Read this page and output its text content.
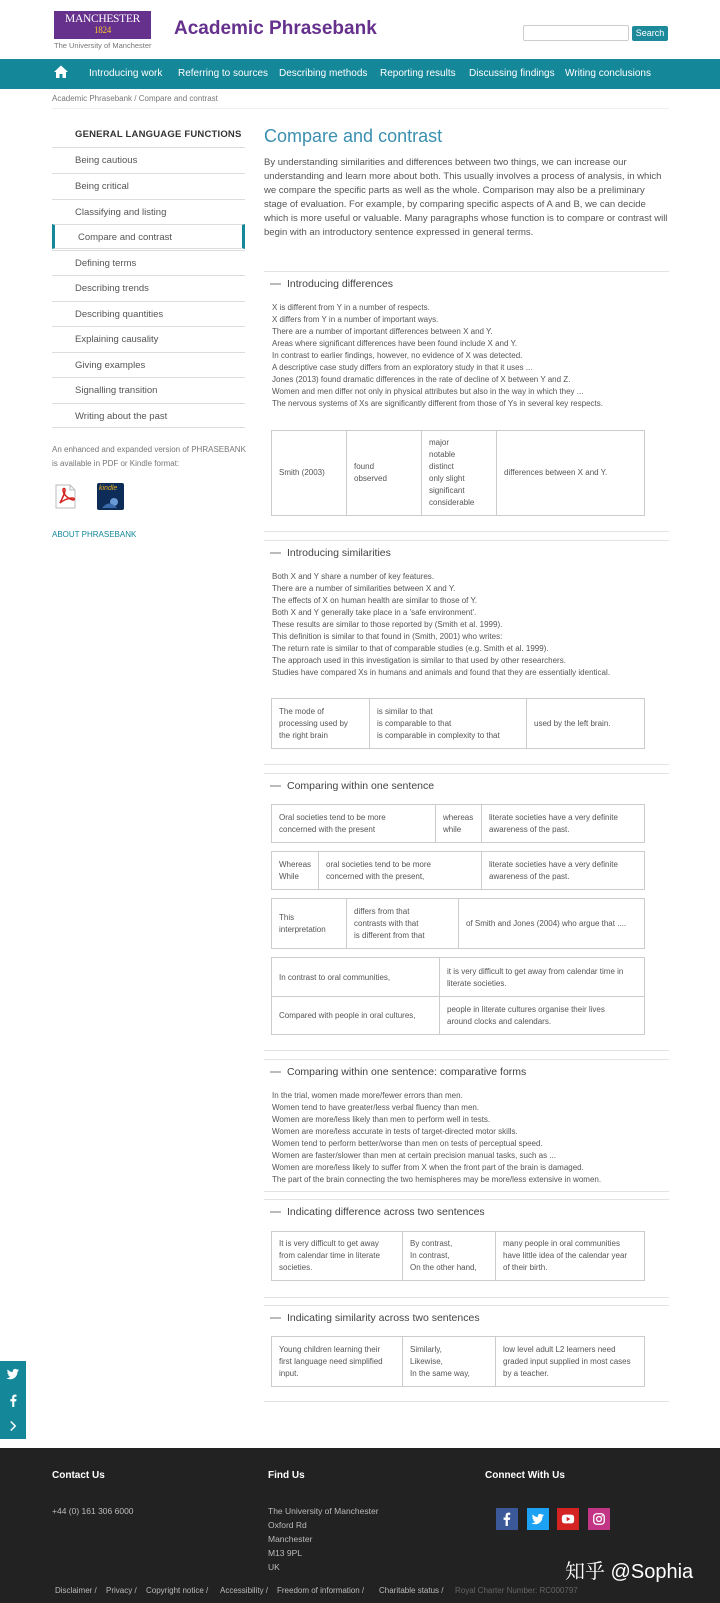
MANCHESTER
1824
The University of Manchester
Academic Phrasebank	Search
Introducing work Referring to sources Describing methods Reporting results Discussing findings Writing conclusions
Academic Phrasebank / Compare and contrast
GENERAL LANGUAGE FUNCTIONS
Being cautious
Being critical
Classifying and listing
Compare and contrast
Defining terms
Describing trends
Describing quantities
Explaining causality
Giving examples
Signalling transition
Writing about the past
An enhanced and expanded version of PHRASEBANK is available in PDF or Kindle format:
kindle
ABOUT PHRASEBANK
Compare and contrast
By understanding similarities and differences between two things, we can increase our understanding and learn more about both. This usually involves a process of analysis, in which we compare the specific parts as well as the whole. Comparison may also be a preliminary stage of evaluation. For example, by comparing specific aspects of A and B, we can decide which is more useful or valuable. Many paragraphs whose function is to compare or contrast will begin with an introductory sentence expressed in general terms.
Introducing differences
X is different from Y in a number of respects.
X differs from Y in a number of important ways.
There are a number of important differences between X and Y.
Areas where significant differences have been found include X and Y.
In contrast to earlier findings, however, no evidence of X was detected.
A descriptive case study differs from an exploratory study in that it uses ...
Jones (2013) found dramatic differences in the rate of decline of X between Y and Z.
Women and men differ not only in physical attributes but also in the way in which they ...
The nervous systems of Xs are significantly different from those of Ys in several key respects.
Smith (2003)
found
observed
major
notable
distinct
only slight
significant
considerable
differences between X and Y.
Introducing similarities
Both X and Y share a number of key features.
There are a number of similarities between X and Y.
The effects of X on human health are similar to those of Y.
Both X and Y generally take place in a 'safe environment'.
These results are similar to those reported by (Smith et al. 1999).
This definition is similar to that found in (Smith, 2001) who writes:
The return rate is similar to that of comparable studies (e.g. Smith et al. 1999).
The approach used in this investigation is similar to that used by other researchers.
Studies have compared Xs in humans and animals and found that they are essentially identical.
The mode of
processing used by
the right brain
is similar to that
is comparable to that
is comparable in complexity to that
used by the left brain.
Comparing within one sentence
Oral societies tend to be more
concerned with the present
whereas
while
literate societies have a very definite
awareness of the past.
Whereas
While
oral societies tend to be more
concerned with the present,
literate societies have a very definite
awareness of the past.
This
interpretation
differs from that
contrasts with that
is different from that
of Smith and Jones (2004) who argue that ....
In contrast to oral communities,
it is very difficult to get away from calendar time in
literate societies.
Compared with people in oral cultures,
people in literate cultures organise their lives
around clocks and calendars.
Comparing within one sentence: comparative forms
In the trial, women made more/fewer errors than men.
Women tend to have greater/less verbal fluency than men.
Women are more/less likely than men to perform well in tests.
Women are more/less accurate in tests of target-directed motor skills.
Women tend to perform better/worse than men on tests of perceptual speed.
Women are faster/slower than men at certain precision manual tasks, such as ...
Women are more/less likely to suffer from X when the front part of the brain is damaged.
The part of the brain connecting the two hemispheres may be more/less extensive in women.
Indicating difference across two sentences
It is very difficult to get away
from calendar time in literate
societies.
By contrast,
In contrast,
On the other hand,
many people in oral communities
have little idea of the calendar year
of their birth.
Indicating similarity across two sentences
Young children learning their
first language need simplified
input.
Similarly,
Likewise,
In the same way,
low level adult L2 learners need
graded input supplied in most cases
by a teacher.
Contact Us
+44 (0) 161 306 6000
Find Us
The University of Manchester
Oxford Rd
Manchester
M13 9PL
UK
Connect With Us
Disclaimer / Privacy / Copyright notice / Accessibility / Freedom of information / Charitable status / Royal Charter Number: RC000797
知乎 @Sophia
